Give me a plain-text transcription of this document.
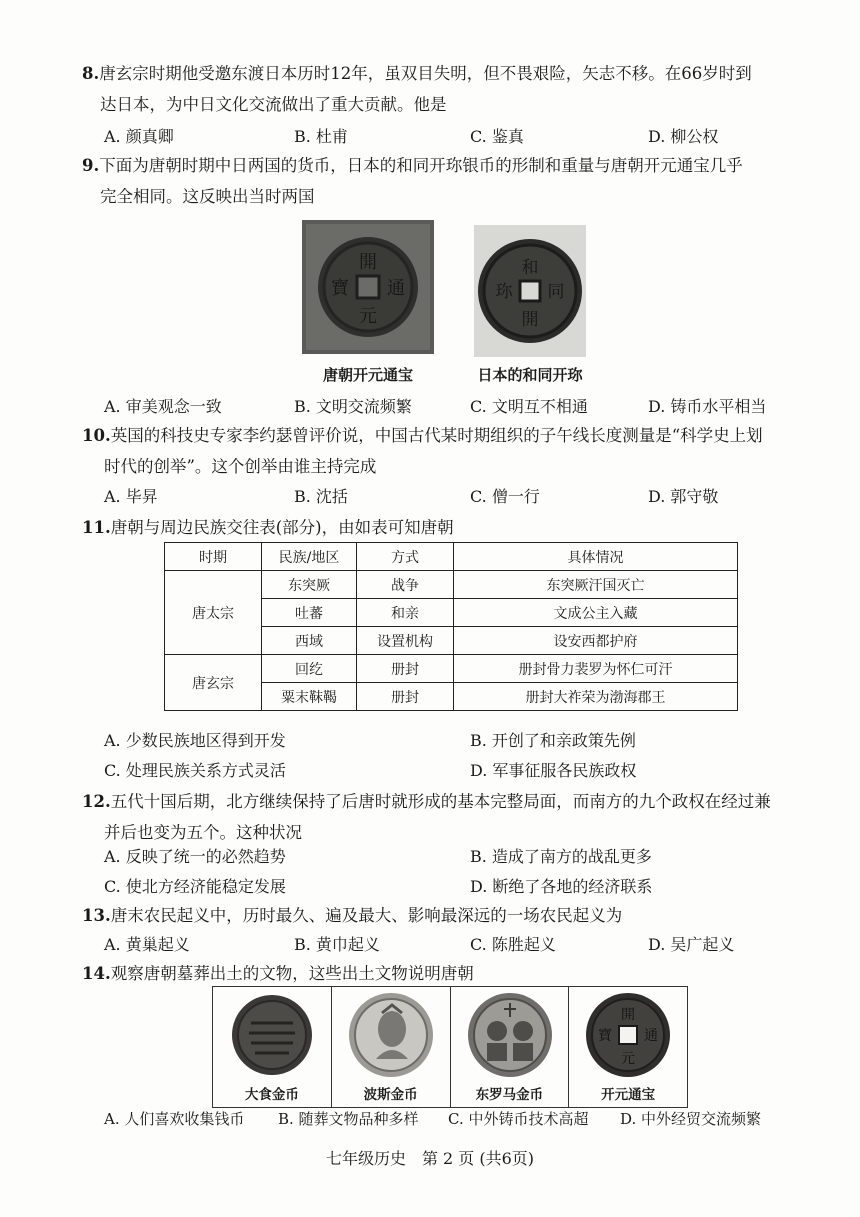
8.唐玄宗时期他受邀东渡日本历时12年，虽双目失明，但不畏艰险，矢志不移。在66岁时到
达日本，为中日文化交流做出了重大贡献。他是
A. 颜真卿	B. 杜甫	C. 鉴真	D. 柳公权
9.下面为唐朝时期中日两国的货币，日本的和同开珎银币的形制和重量与唐朝开元通宝几乎
完全相同。这反映出当时两国
開
元
寶 通
唐朝开元通宝
和
開
珎 同
日本的和同开珎
A. 审美观念一致	B. 文明交流频繁	C. 文明互不相通	D. 铸币水平相当
10.英国的科技史专家李约瑟曾评价说，中国古代某时期组织的子午线长度测量是“科学史上划
时代的创举”。这个创举由谁主持完成
A. 毕昇	B. 沈括	C. 僧一行	D. 郭守敬
11.唐朝与周边民族交往表(部分)，由如表可知唐朝
时期	民族/地区	方式	具体情况
唐太宗	东突厥	战争	东突厥汗国灭亡
	吐蕃	和亲	文成公主入藏
	西域	设置机构	设安西都护府
唐玄宗	回纥	册封	册封骨力裴罗为怀仁可汗
	粟末靺鞨	册封	册封大祚荣为渤海郡王
A. 少数民族地区得到开发	B. 开创了和亲政策先例
C. 处理民族关系方式灵活	D. 军事征服各民族政权
12.五代十国后期，北方继续保持了后唐时就形成的基本完整局面，而南方的九个政权在经过兼
并后也变为五个。这种状况
A. 反映了统一的必然趋势	B. 造成了南方的战乱更多
C. 使北方经济能稳定发展	D. 断绝了各地的经济联系
13.唐末农民起义中，历时最久、遍及最大、影响最深远的一场农民起义为
A. 黄巢起义	B. 黄巾起义	C. 陈胜起义	D. 吴广起义
14.观察唐朝墓葬出土的文物，这些出土文物说明唐朝
大食金币	波斯金币	东罗马金币
開
元
寶 通
开元通宝
A. 人们喜欢收集钱币 B. 随葬文物品种多样 C. 中外铸币技术高超 D. 中外经贸交流频繁
七年级历史　第 2 页 (共6页)
